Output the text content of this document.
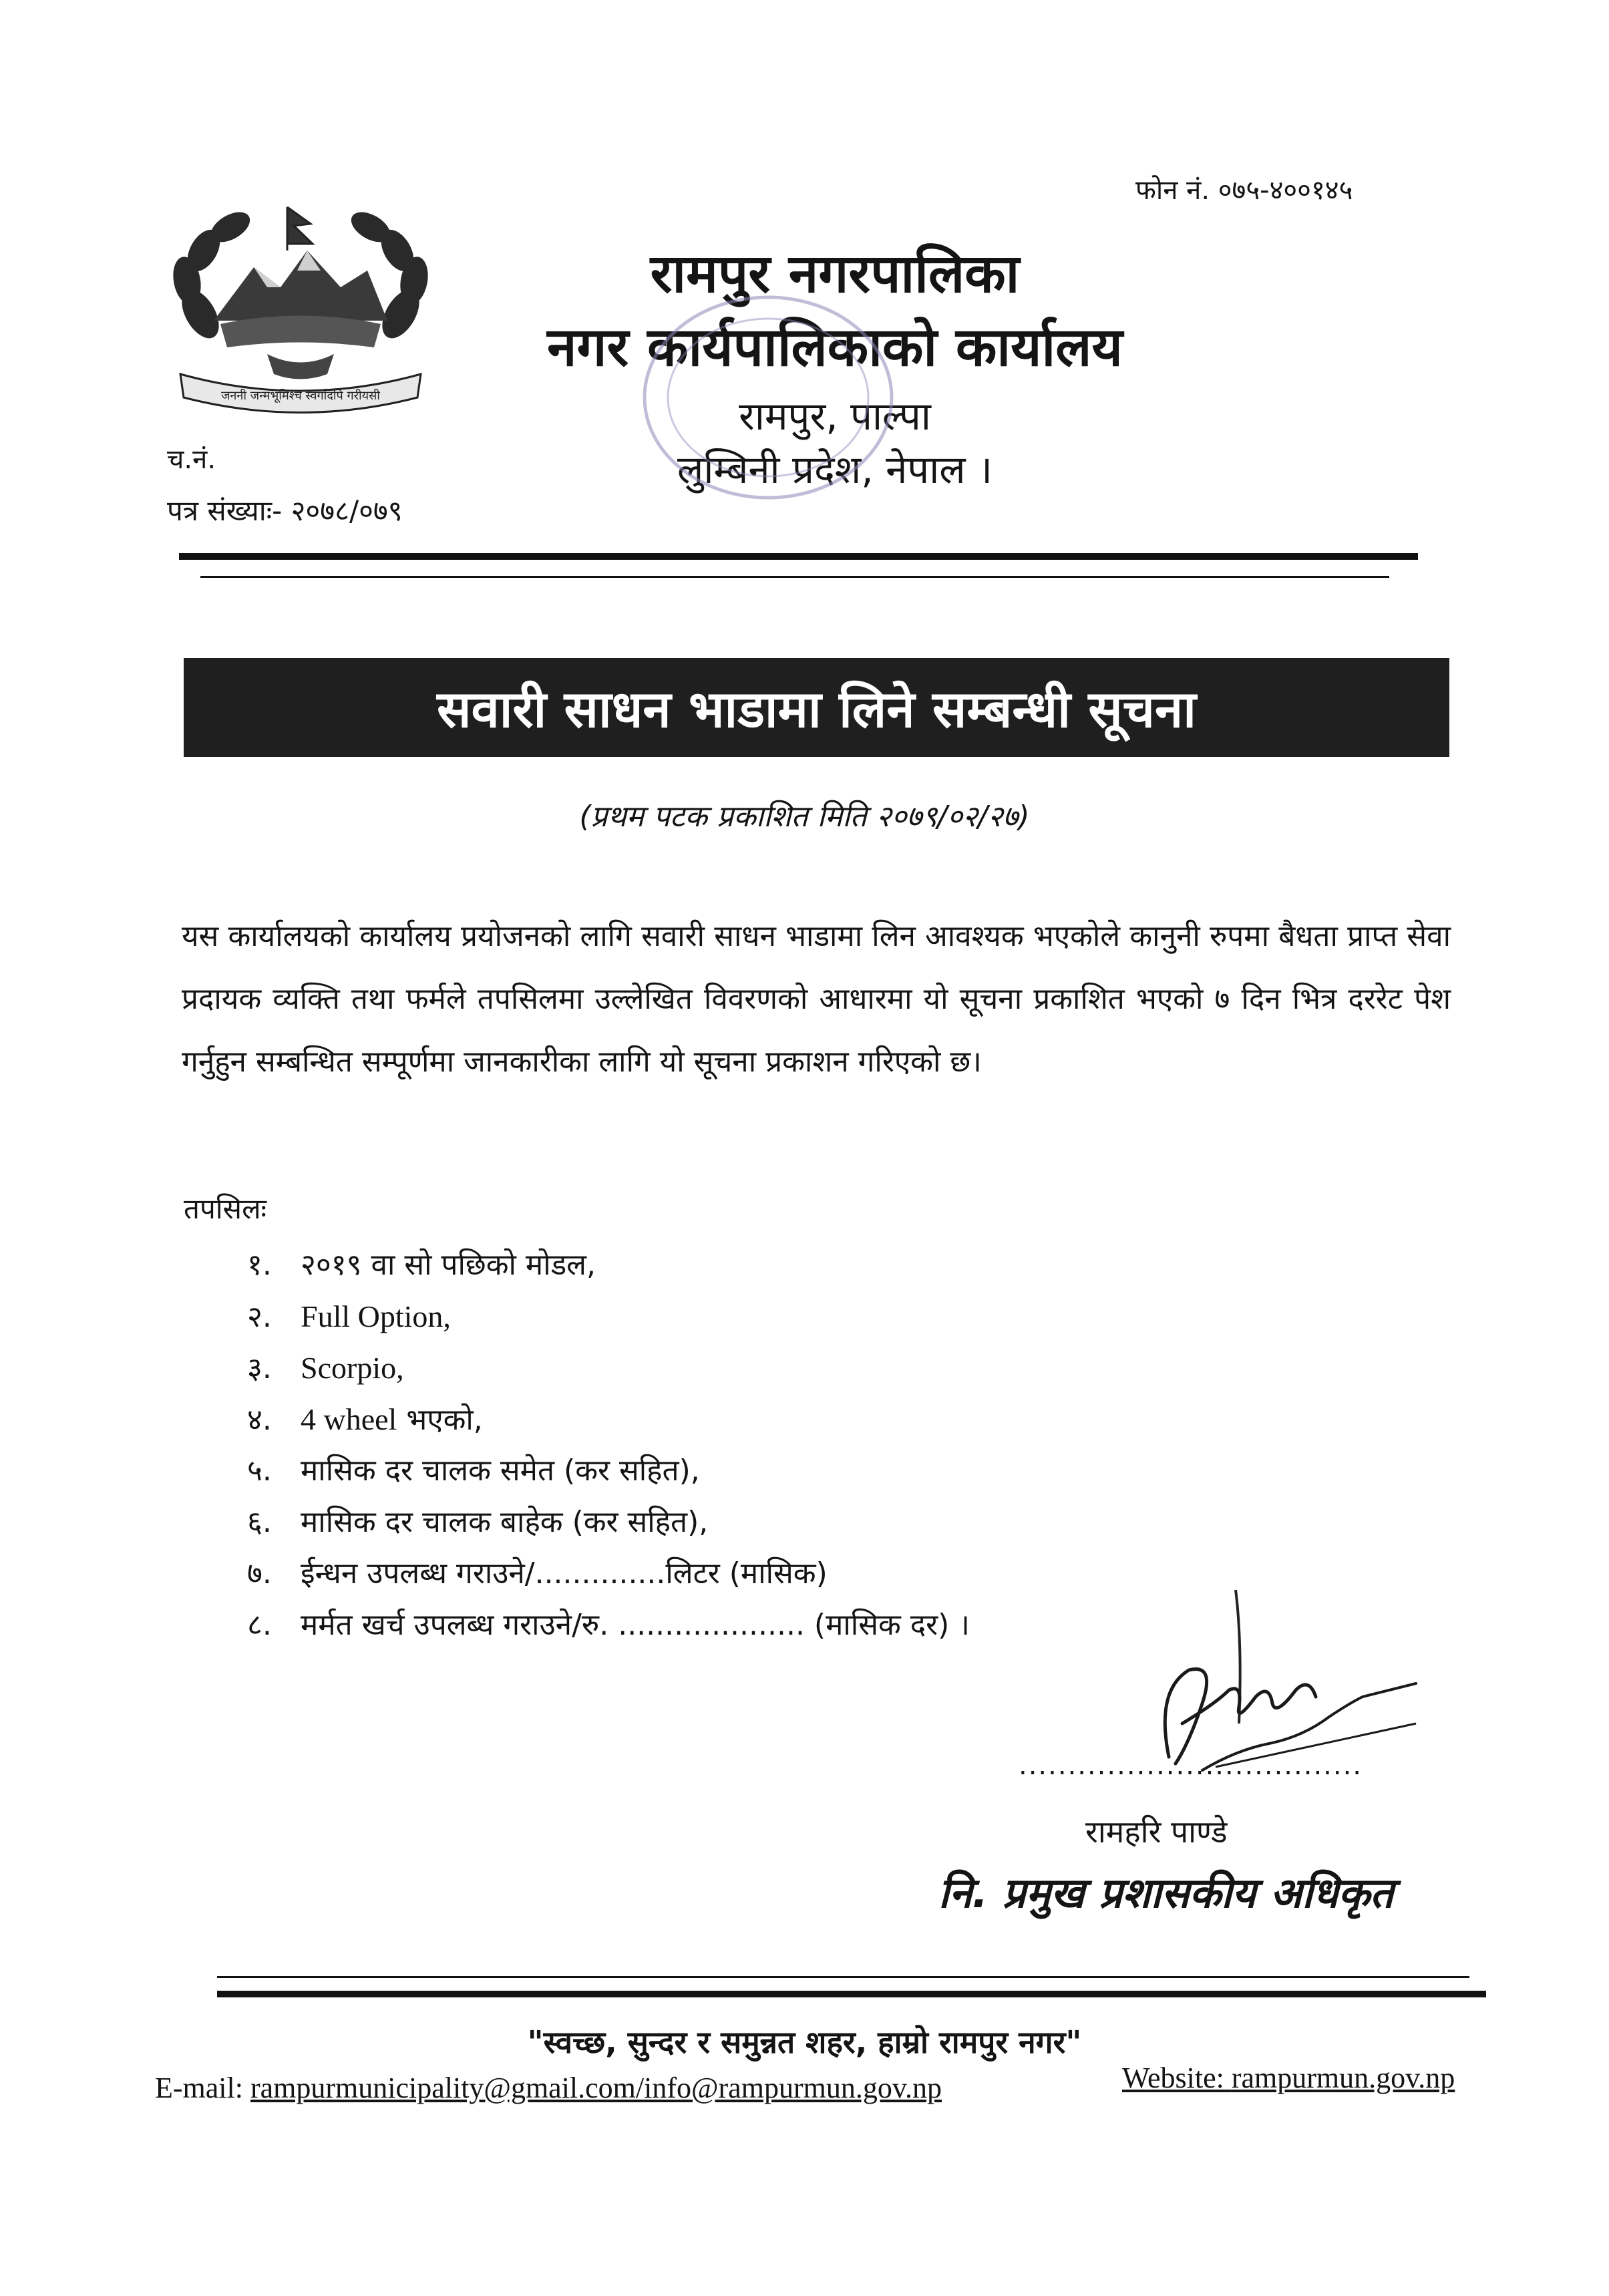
फोन नं. ०७५-४००१४५
जननी जन्मभूमिश्च स्वर्गादपि गरीयसी
रामपुर नगरपालिका
नगर कार्यपालिकाको कार्यालय
रामपुर, पाल्पा
लुम्बिनी प्रदेश, नेपाल ।
च.नं.
पत्र संख्याः- २०७८/०७९
सवारी साधन भाडामा लिने सम्बन्धी सूचना
(प्रथम पटक प्रकाशित मिति २०७९/०२/२७)
यस कार्यालयको कार्यालय प्रयोजनको लागि सवारी साधन भाडामा लिन आवश्यक भएकोले कानुनी रुपमा बैधता प्राप्त सेवा प्रदायक व्यक्ति तथा फर्मले तपसिलमा उल्लेखित विवरणको आधारमा यो सूचना प्रकाशित भएको ७ दिन भित्र दररेट पेश गर्नुहुन सम्बन्धित सम्पूर्णमा जानकारीका लागि यो सूचना प्रकाशन गरिएको छ।
तपसिलः
१. २०१९ वा सो पछिको मोडल,
२. Full Option,
३. Scorpio,
४. 4 wheel भएको,
५. मासिक दर चालक समेत (कर सहित),
६. मासिक दर चालक बाहेक (कर सहित),
७. ईन्धन उपलब्ध गराउने/..............लिटर (मासिक)
८. मर्मत खर्च उपलब्ध गराउने/रु. .................... (मासिक दर) ।
...................................
रामहरि पाण्डे
नि. प्रमुख प्रशासकीय अधिकृत
"स्वच्छ, सुन्दर र समुन्नत शहर, हाम्रो रामपुर नगर"
E-mail: rampurmunicipality@gmail.com/info@rampurmun.gov.np	Website: rampurmun.gov.np
